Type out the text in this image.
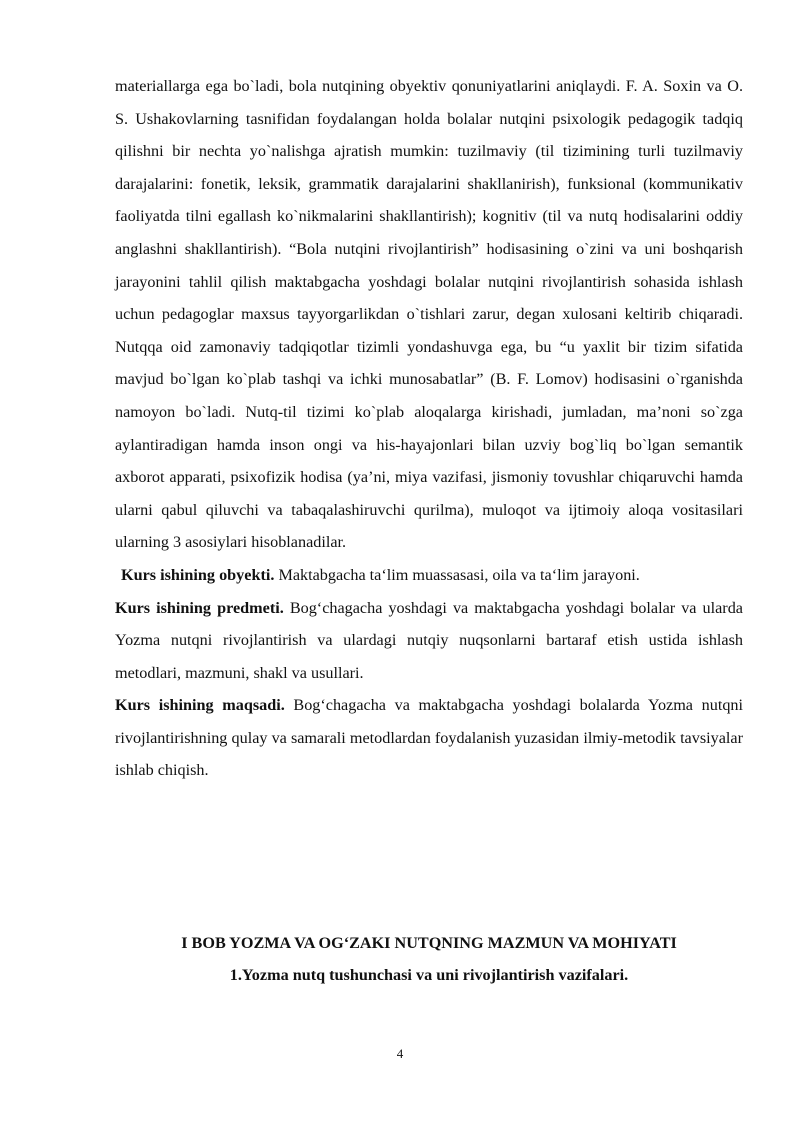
materiallarga ega bo`ladi, bola nutqining obyektiv qonuniyatlarini aniqlaydi. F. A. Soxin va O. S. Ushakovlarning tasnifidan foydalangan holda bolalar nutqini psixologik pedagogik tadqiq qilishni bir nechta yo`nalishga ajratish mumkin: tuzilmaviy (til tizimining turli tuzilmaviy darajalarini: fonetik, leksik, grammatik darajalarini shakllanirish), funksional (kommunikativ faoliyatda tilni egallash ko`nikmalarini shakllantirish); kognitiv (til va nutq hodisalarini oddiy anglashni shakllantirish). “Bola nutqini rivojlantirish” hodisasining o`zini va uni boshqarish jarayonini tahlil qilish maktabgacha yoshdagi bolalar nutqini rivojlantirish sohasida ishlash uchun pedagoglar maxsus tayyorgarlikdan o`tishlari zarur, degan xulosani keltirib chiqaradi. Nutqqa oid zamonaviy tadqiqotlar tizimli yondashuvga ega, bu “u yaxlit bir tizim sifatida mavjud bo`lgan ko`plab tashqi va ichki munosabatlar” (B. F. Lomov) hodisasini o`rganishda namoyon bo`ladi. Nutq-til tizimi ko`plab aloqalarga kirishadi, jumladan, ma’noni so`zga aylantiradigan hamda inson ongi va his-hayajonlari bilan uzviy bog`liq bo`lgan semantik axborot apparati, psixofizik hodisa (ya’ni, miya vazifasi, jismoniy tovushlar chiqaruvchi hamda ularni qabul qiluvchi va tabaqalashiruvchi qurilma), muloqot va ijtimoiy aloqa vositasilari ularning 3 asosiylari hisoblanadilar.

Kurs ishining obyekti. Maktabgacha ta‘lim muassasasi, oila va ta‘lim jarayoni.

Kurs ishining predmeti. Bog‘chagacha yoshdagi va maktabgacha yoshdagi bolalar va ularda Yozma nutqni rivojlantirish va ulardagi nutqiy nuqsonlarni bartaraf etish ustida ishlash metodlari, mazmuni, shakl va usullari.

Kurs ishining maqsadi. Bog‘chagacha va maktabgacha yoshdagi bolalarda Yozma nutqni rivojlantirishning qulay va samarali metodlardan foydalanish yuzasidan ilmiy-metodik tavsiyalar ishlab chiqish.

I BOB YOZMA VA OG‘ZAKI NUTQNING MAZMUN VA MOHIYATI
1.Yozma nutq tushunchasi va uni rivojlantirish vazifalari.
4
